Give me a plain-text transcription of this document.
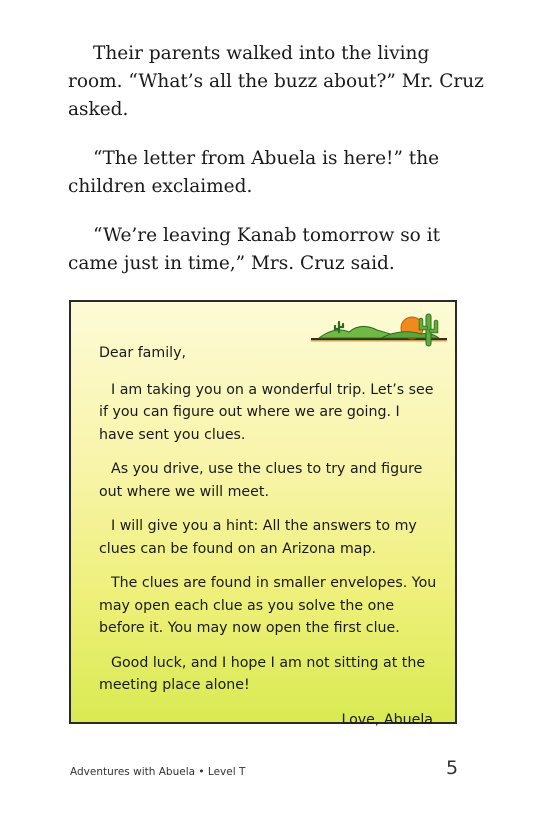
Their parents walked into the living room. “What’s all the buzz about?” Mr. Cruz asked.

“The letter from Abuela is here!” the children exclaimed.

“We’re leaving Kanab tomorrow so it came just in time,” Mrs. Cruz said.

Dear family,

I am taking you on a wonderful trip. Let’s see if you can figure out where we are going. I have sent you clues.

As you drive, use the clues to try and figure out where we will meet.

I will give you a hint: All the answers to my clues can be found on an Arizona map.

The clues are found in smaller envelopes. You may open each clue as you solve the one before it. You may now open the first clue.

Good luck, and I hope I am not sitting at the meeting place alone!

Love, Abuela

Adventures with Abuela • Level T	5
